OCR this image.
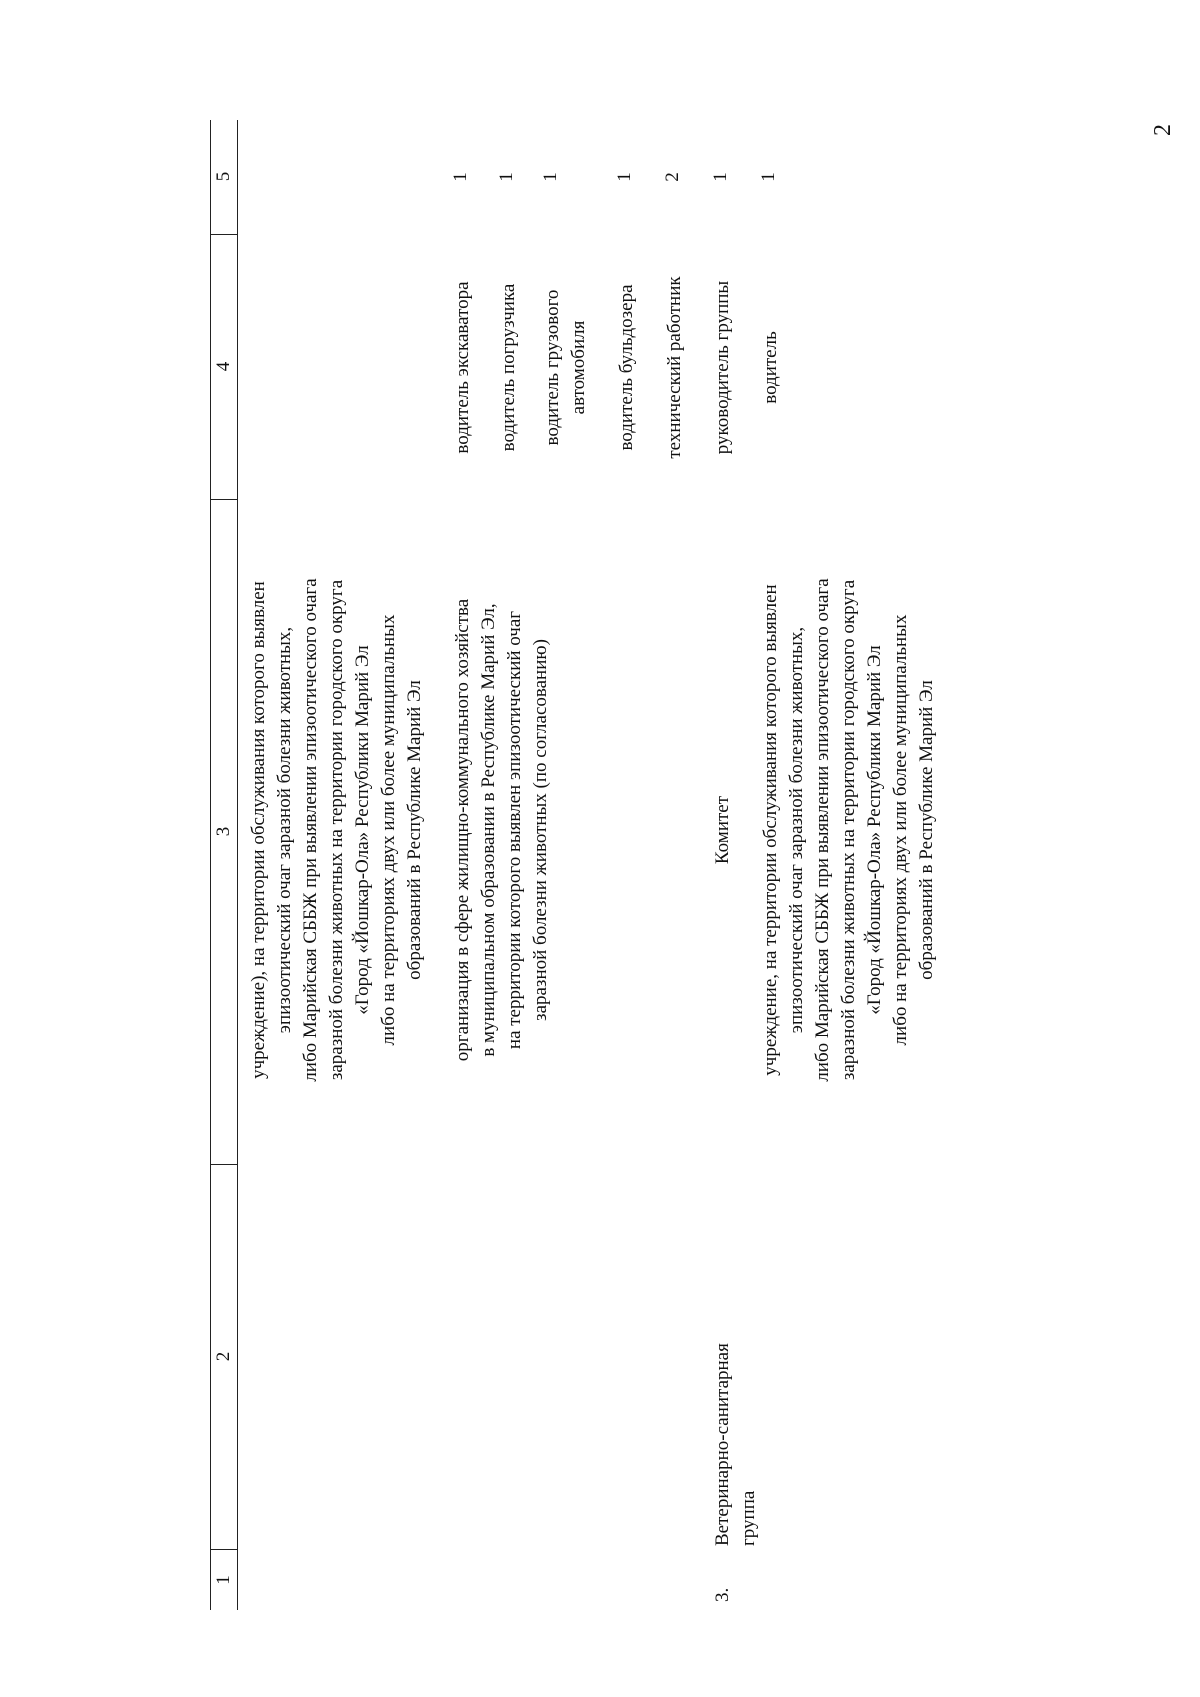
2
1
2
3
4
5
учреждение), на территории обслуживания которого выявлен эпизоотический очаг заразной болезни животных, либо Марийская СББЖ при выявлении эпизоотического очага заразной болезни животных на территории городского округа «Город «Йошкар-Ола» Республики Марий Эл либо на территориях двух или более муниципальных образований в Республике Марий Эл организация в сфере жилищно-коммунального хозяйства в муниципальном образовании в Республике Марий Эл, на территории которого выявлен эпизоотический очаг заразной болезни животных (по согласованию)
водитель экскаватора
1
водитель погрузчика
1
водитель грузового автомобиля
1
водитель бульдозера
1
технический работник
2
3.
Ветеринарно-санитарная группа
Комитет учреждение, на территории обслуживания которого выявлен эпизоотический очаг заразной болезни животных, либо Марийская СББЖ при выявлении эпизоотического очага заразной болезни животных на территории городского округа «Город «Йошкар-Ола» Республики Марий Эл либо на территориях двух или более муниципальных образований в Республике Марий Эл
руководитель группы
1
водитель
1
